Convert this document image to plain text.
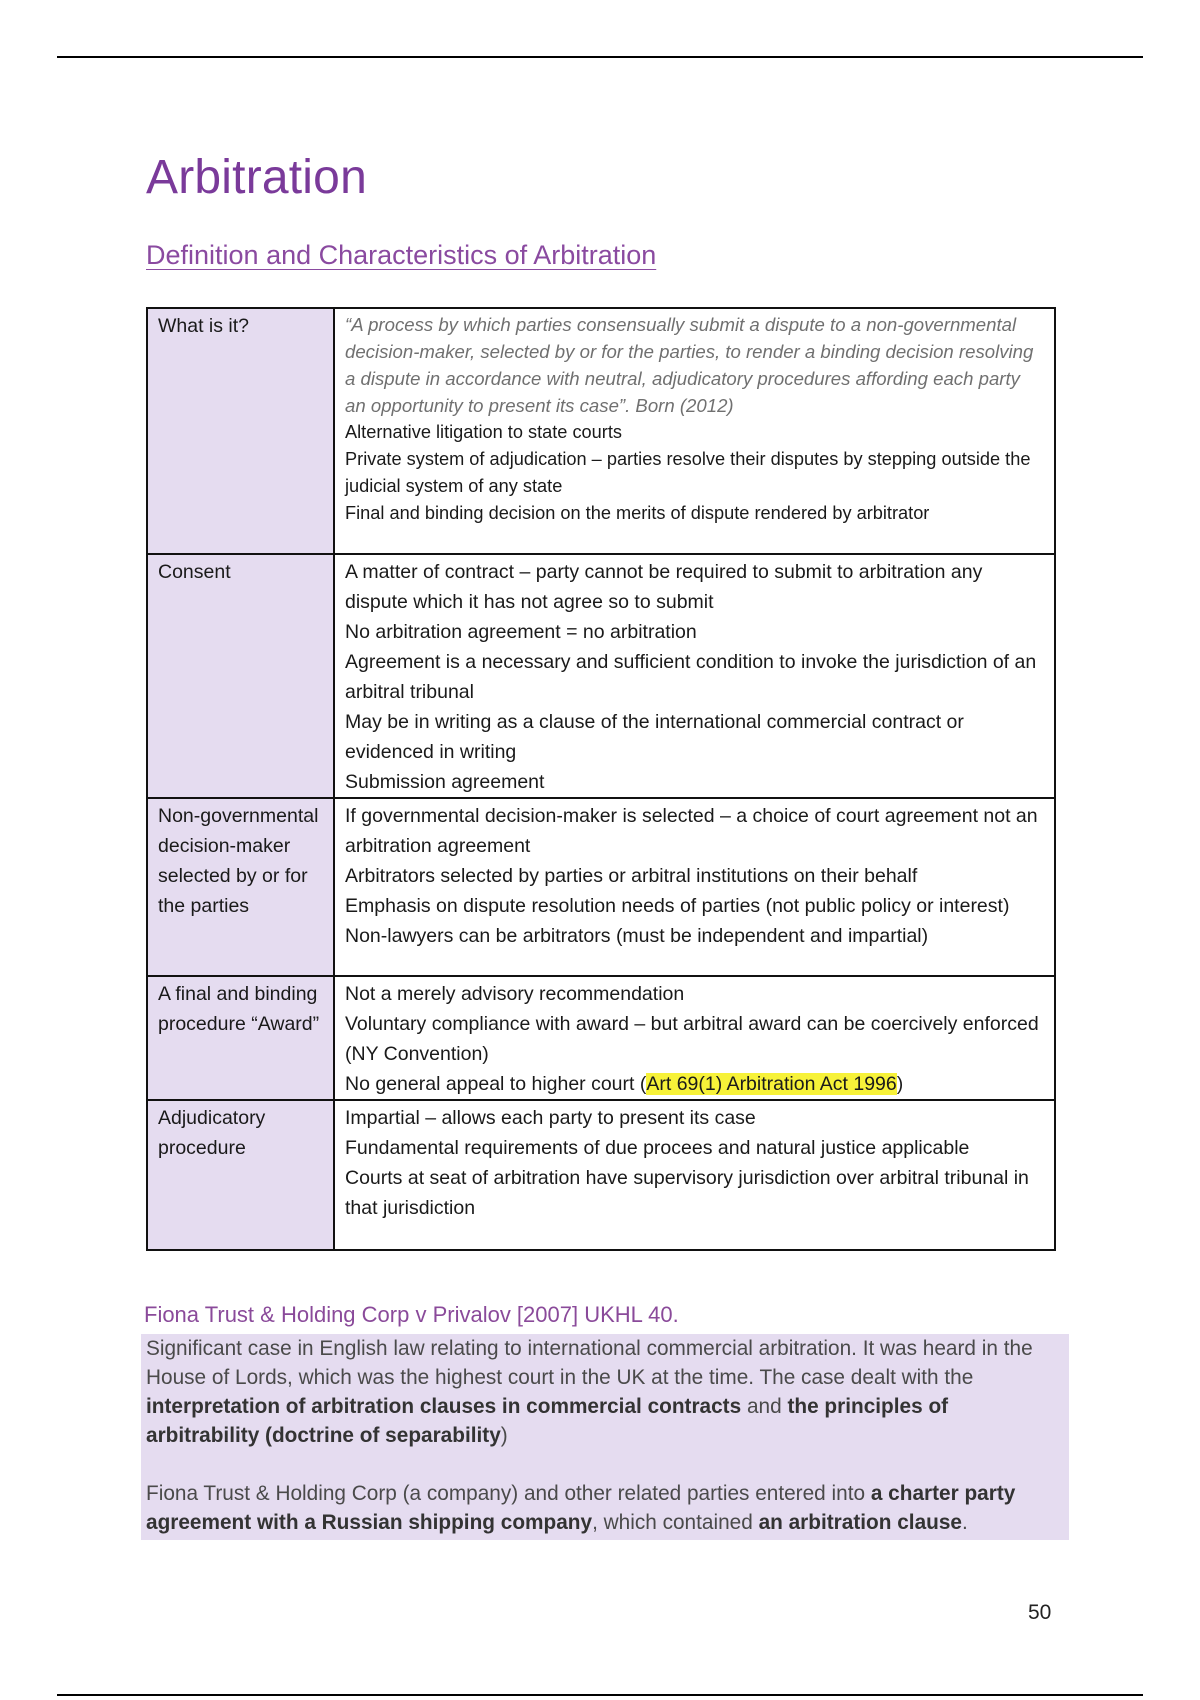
Arbitration
Definition and Characteristics of Arbitration
What is it?	“A process by which parties consensually submit a dispute to a non-governmental decision-maker, selected by or for the parties, to render a binding decision resolving a dispute in accordance with neutral, adjudicatory procedures affording each party an opportunity to present its case”. Born (2012)
Alternative litigation to state courts
Private system of adjudication – parties resolve their disputes by stepping outside the judicial system of any state
Final and binding decision on the merits of dispute rendered by arbitrator

Consent	A matter of contract – party cannot be required to submit to arbitration any dispute which it has not agree so to submit
No arbitration agreement = no arbitration
Agreement is a necessary and sufficient condition to invoke the jurisdiction of an arbitral tribunal
May be in writing as a clause of the international commercial contract or evidenced in writing
Submission agreement

Non-governmental decision-maker selected by or for the parties	If governmental decision-maker is selected – a choice of court agreement not an arbitration agreement
Arbitrators selected by parties or arbitral institutions on their behalf
Emphasis on dispute resolution needs of parties (not public policy or interest)
Non-lawyers can be arbitrators (must be independent and impartial)

A final and binding procedure “Award”	Not a merely advisory recommendation
Voluntary compliance with award – but arbitral award can be coercively enforced (NY Convention)
No general appeal to higher court (Art 69(1) Arbitration Act 1996)

Adjudicatory procedure	Impartial – allows each party to present its case
Fundamental requirements of due procees and natural justice applicable
Courts at seat of arbitration have supervisory jurisdiction over arbitral tribunal in that jurisdiction
Fiona Trust & Holding Corp v Privalov [2007] UKHL 40.

Significant case in English law relating to international commercial arbitration. It was heard in the House of Lords, which was the highest court in the UK at the time. The case dealt with the interpretation of arbitration clauses in commercial contracts and the principles of arbitrability (doctrine of separability)

Fiona Trust & Holding Corp (a company) and other related parties entered into a charter party agreement with a Russian shipping company, which contained an arbitration clause.

50
